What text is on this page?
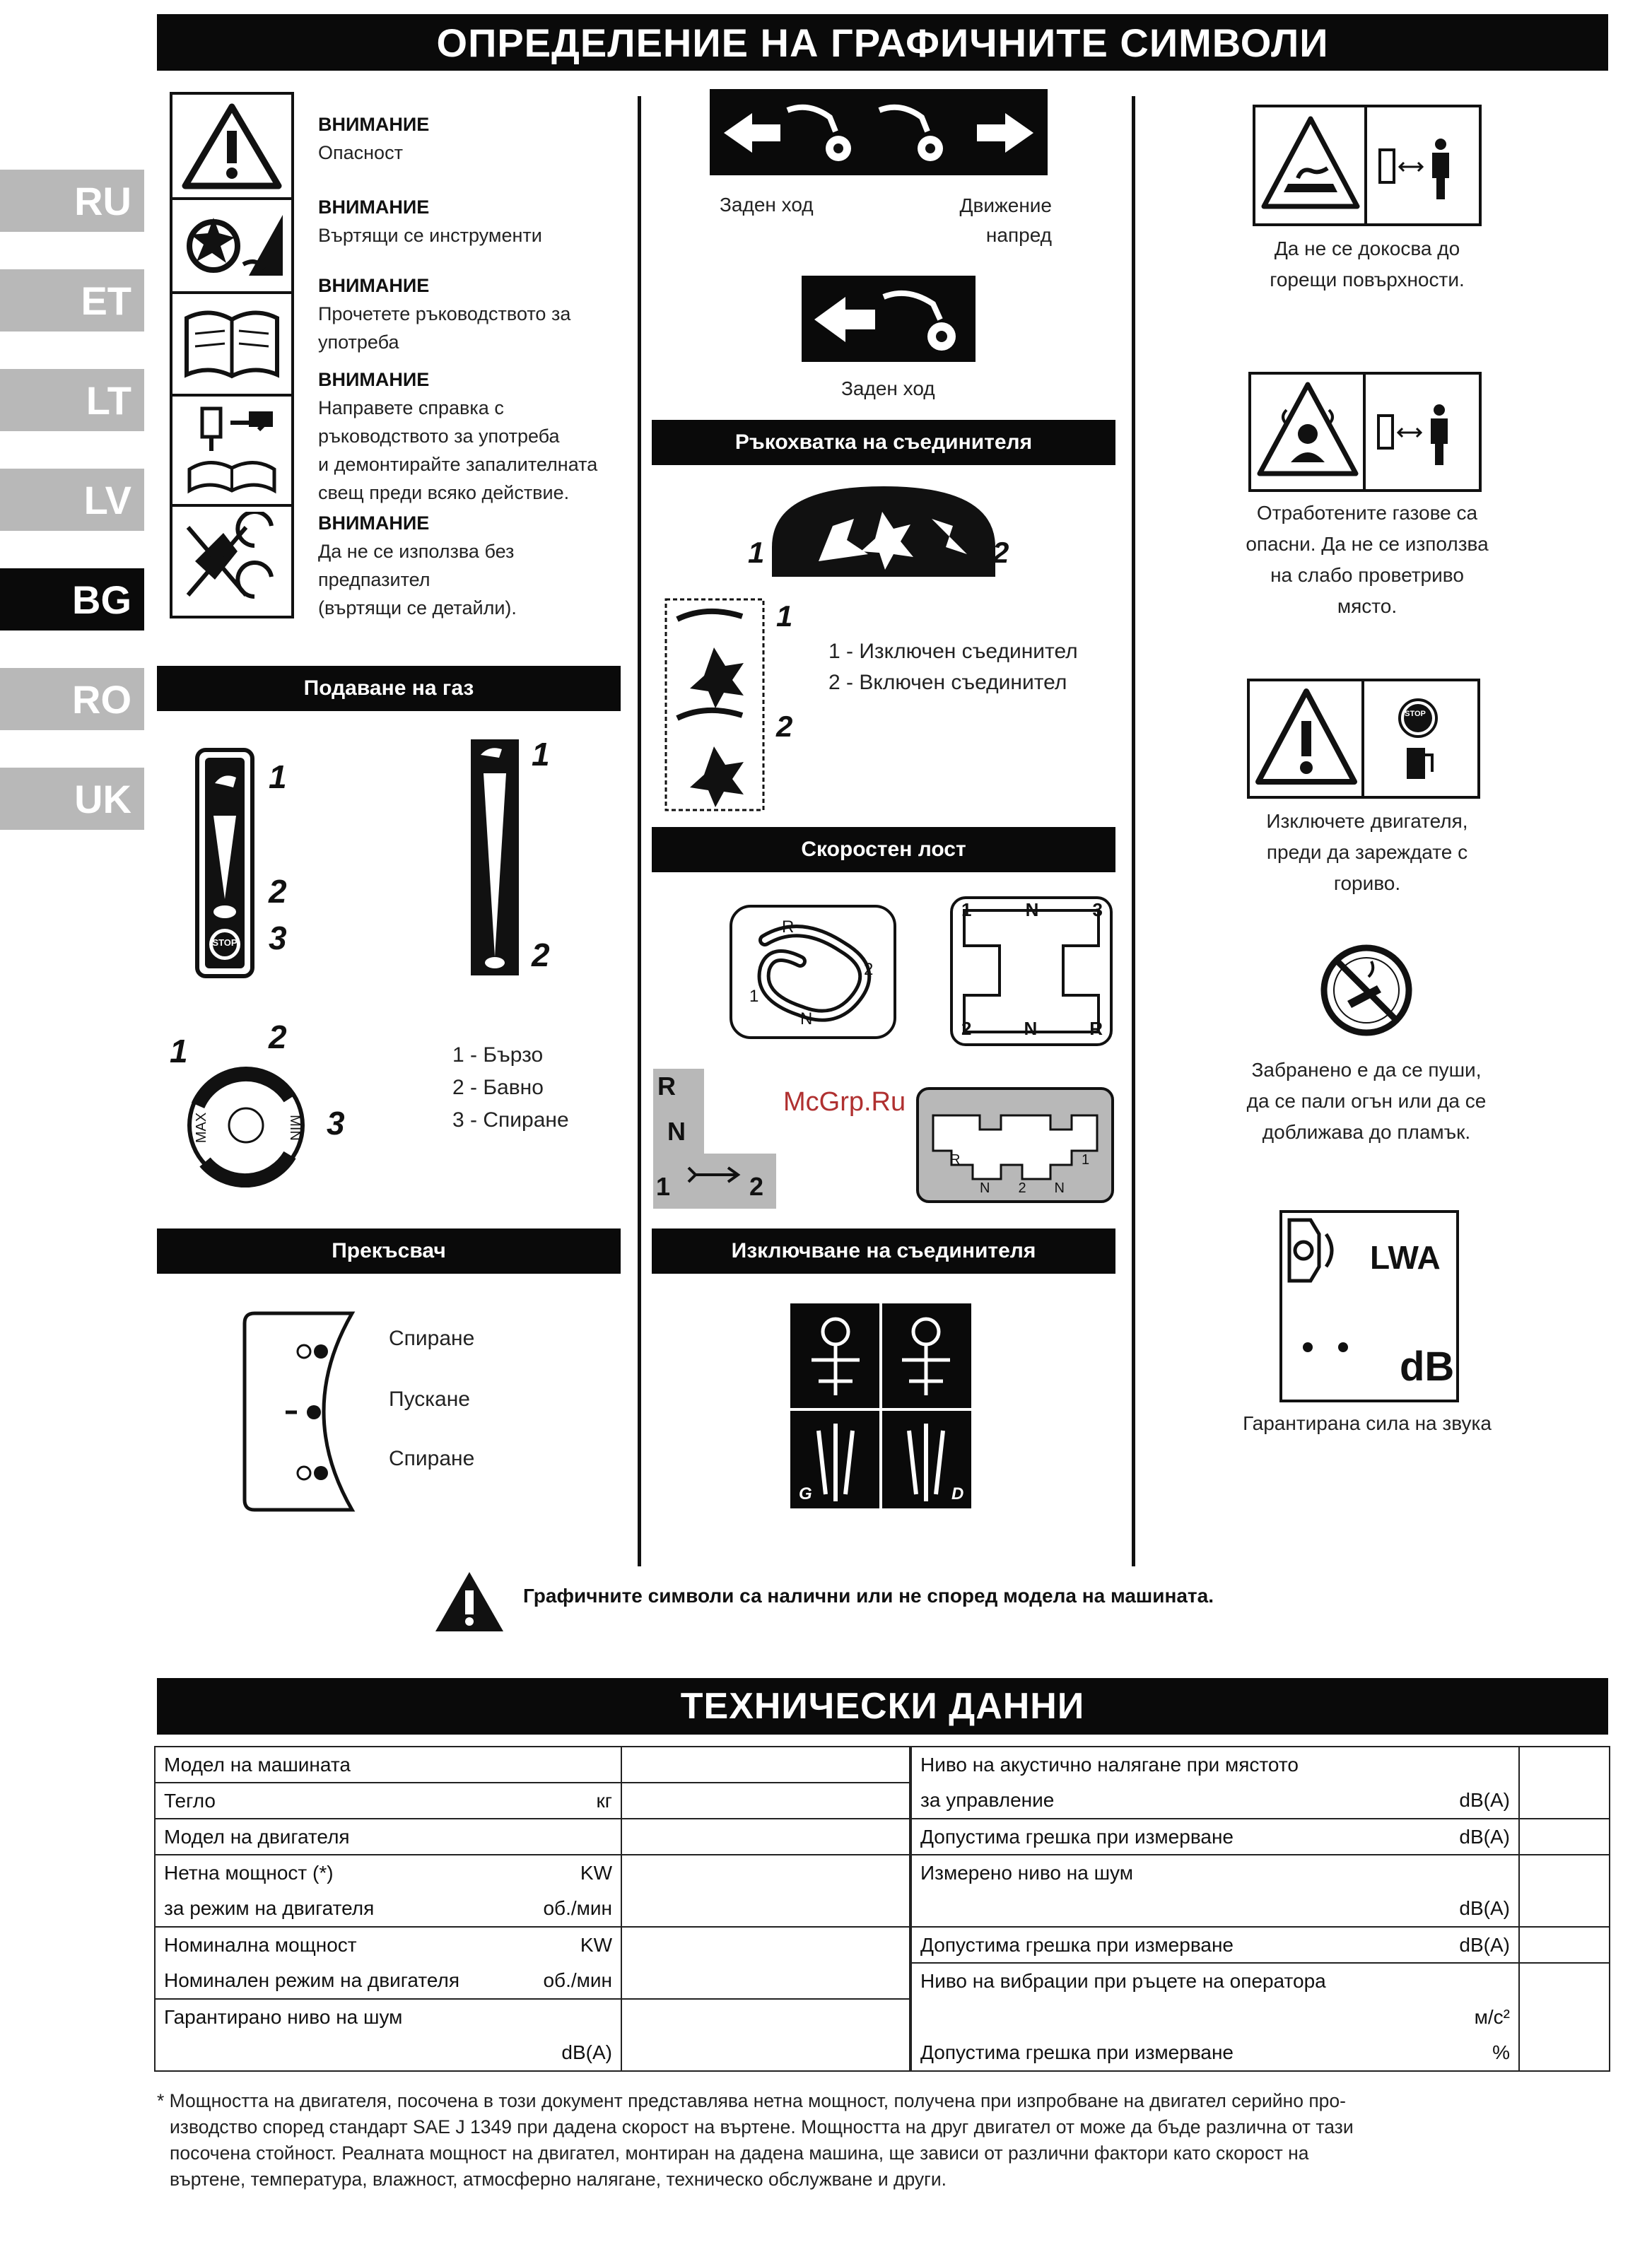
ОПРЕДЕЛЕНИЕ НА ГРАФИЧНИТЕ СИМВОЛИ
RU
ET
LT
LV
BG
RO
UK
ВНИМАНИЕ
Опасност
ВНИМАНИЕ
Въртящи се инструменти
ВНИМАНИЕ
Прочетете ръководството за
употреба
ВНИМАНИЕ
Направете справка с
ръководството за употреба
и демонтирайте запалителната
свещ преди всяко действие.
ВНИМАНИЕ
Да не се използва без
предпазител
(въртящи се детайли).
Подаване на газ
STOP
1
2
3
1
2
MAX	MIN
1 2
3
1 - Бързо
2 - Бавно
3 - Спиране
Прекъсвач
Спиране
Пускане
Спиране
Заден ход	Движение
напред
Заден ход
Ръкохватка на съединителя
1	2
1
2
1 - Изключен съединител
2 - Включен съединител
Скоростен лост
R
1
2
N
1	N	3
2	N	R
R
N
1	2
R	1
N 2 N
McGrp.Ru
Изключване на съединителя
G	D
Да не се докосва до
горещи повърхности.
Отработените газове са
опасни. Да не се използва
на слабо проветриво
място.
STOP
Изключете двигателя,
преди да зареждате с
гориво.
Забранено е да се пуши,
да се пали огън или да се
доближава до пламък.
LWA
dB
Гарантирана сила на звука
Графичните символи са налични или не според модела на машината.
ТЕХНИЧЕСКИ ДАННИ
Модел на машината

Тегло кг	

Модел на двигателя

Нетна мощност (*) KW	

за режим на двигателя об./мин	

Номинална мощност KW	

Номинален режим на двигателя об./мин	

Гарантирано ниво на шум

dB(A)	
Ниво на акустично налягане при мястото

за управление dB(A)	

Допустима грешка при измерване dB(A)	

Измерено ниво на шум

dB(A)	

Допустима грешка при измерване dB(A)	

Ниво на вибрации при ръцете на оператора

м/с²	

Допустима грешка при измерване %	
* Мощността на двигателя, посочена в този документ представлява нетна мощност, получена при изпробване на двигател серийно про-
изводство според стандарт SAE J 1349 при дадена скорост на въртене. Мощността на друг двигател от може да бъде различна от тази
посочена стойност. Реалната мощност на двигател, монтиран на дадена машина, ще зависи от различни фактори като скорост на
въртене, температура, влажност, атмосферно налягане, техническо обслужване и други.
